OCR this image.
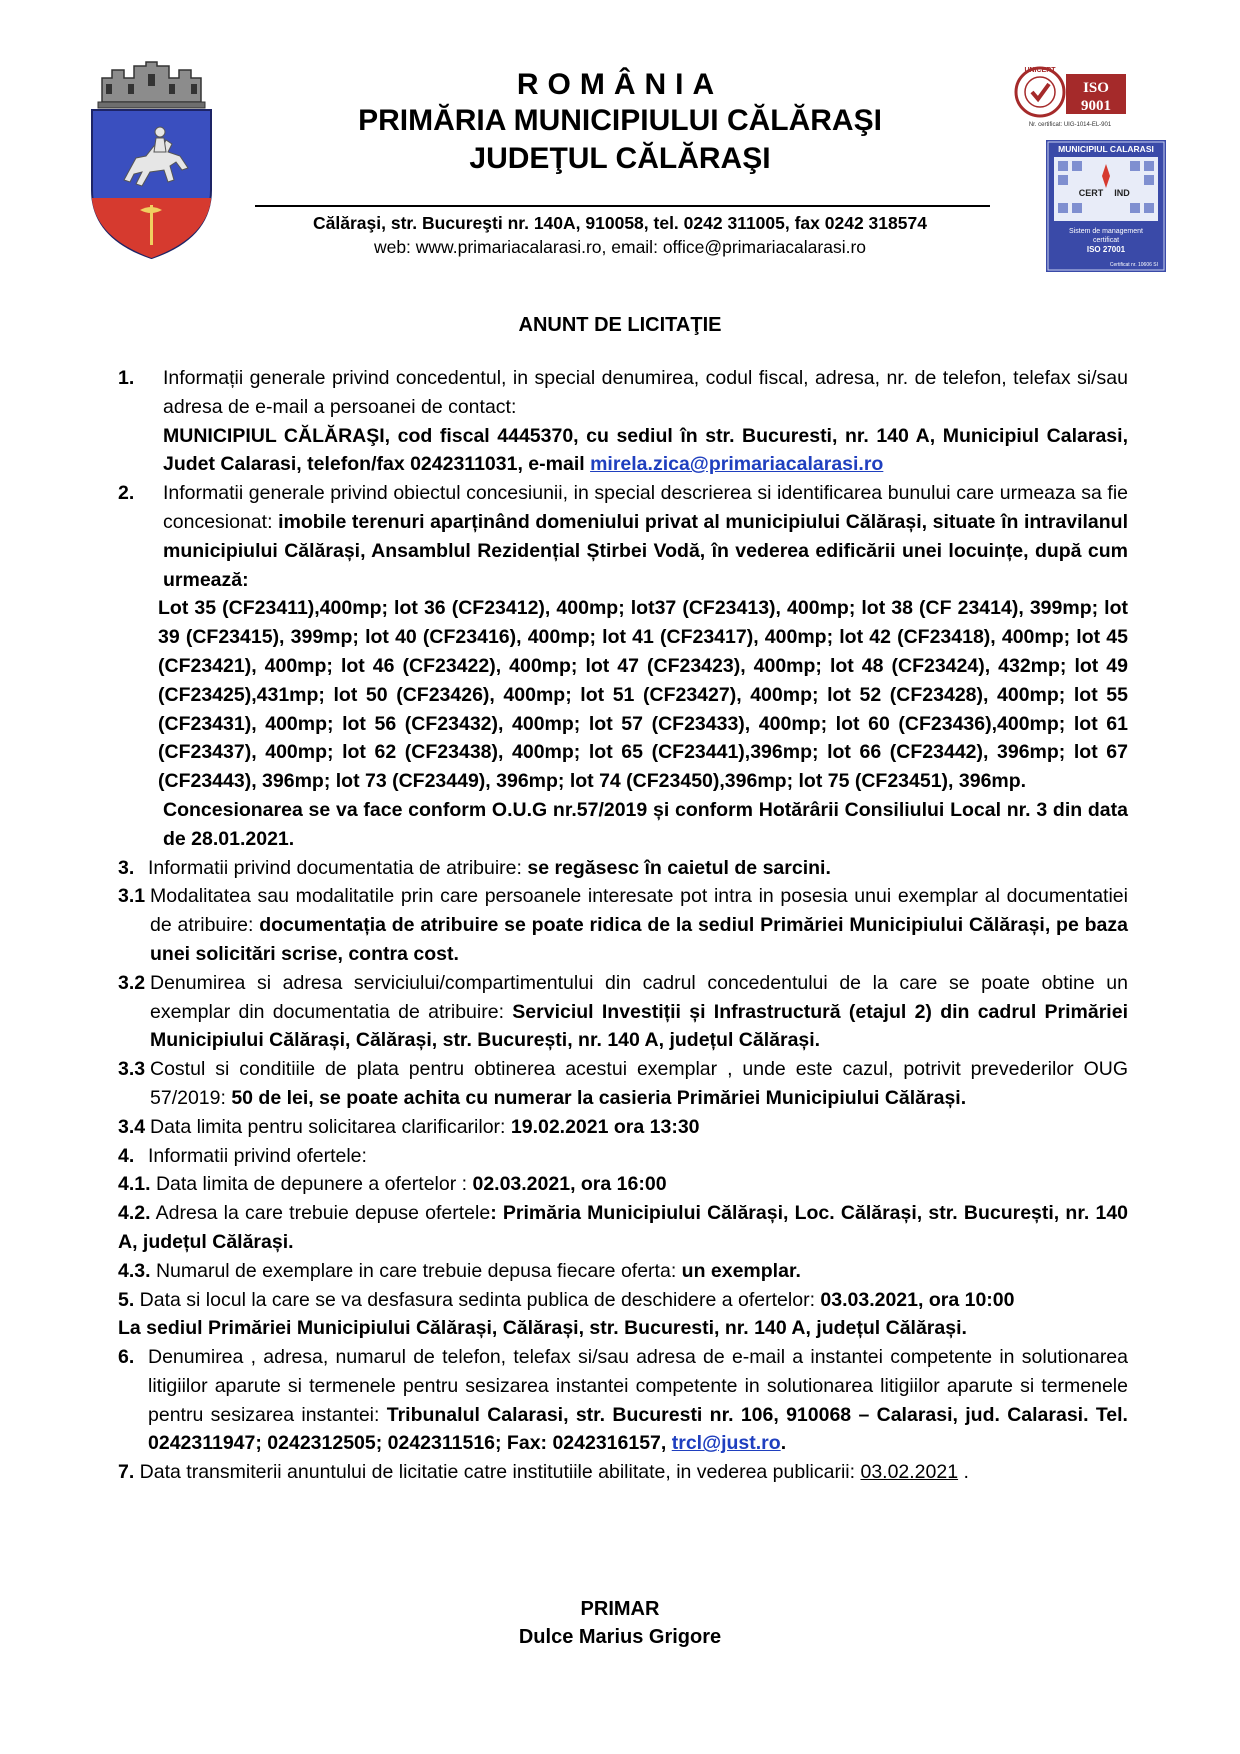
ROMÂNIA
PRIMĂRIA MUNICIPIULUI CĂLĂRAŞI
JUDEŢUL CĂLĂRAŞI
Călăraşi, str. Bucureşti nr. 140A, 910058, tel. 0242 311005, fax 0242 318574
web: www.primariacalarasi.ro, email: office@primariacalarasi.ro
UNICERT
ISO
9001
Nr. certificat: UIG-1014-EL-901
MUNICIPIUL CALARASI
CERT IND
Sistem de management
certificat
ISO 27001
Certificat nr. 10606 SI
ANUNT DE LICITAŢIE
1. Informații generale privind concedentul, in special denumirea, codul fiscal, adresa, nr. de telefon, telefax si/sau adresa de e-mail a persoanei de contact:
MUNICIPIUL CĂLĂRAŞI, cod fiscal 4445370, cu sediul în str. Bucuresti, nr. 140 A, Municipiul Calarasi, Judet Calarasi, telefon/fax 0242311031, e-mail mirela.zica@primariacalarasi.ro
2. Informatii generale privind obiectul concesiunii, in special descrierea si identificarea bunului care urmeaza sa fie concesionat: imobile terenuri aparținând domeniului privat al municipiului Călărași, situate în intravilanul municipiului Călărași, Ansamblul Rezidențial Știrbei Vodă, în vederea edificării unei locuințe, după cum urmează:
Lot 35 (CF23411),400mp; lot 36 (CF23412), 400mp; lot37 (CF23413), 400mp; lot 38 (CF 23414), 399mp; lot 39 (CF23415), 399mp; lot 40 (CF23416), 400mp; lot 41 (CF23417), 400mp; lot 42 (CF23418), 400mp; lot 45 (CF23421), 400mp; lot 46 (CF23422), 400mp; lot 47 (CF23423), 400mp; lot 48 (CF23424), 432mp; lot 49 (CF23425),431mp; lot 50 (CF23426), 400mp; lot 51 (CF23427), 400mp; lot 52 (CF23428), 400mp; lot 55 (CF23431), 400mp; lot 56 (CF23432), 400mp; lot 57 (CF23433), 400mp; lot 60 (CF23436),400mp; lot 61 (CF23437), 400mp; lot 62 (CF23438), 400mp; lot 65 (CF23441),396mp; lot 66 (CF23442), 396mp; lot 67 (CF23443), 396mp; lot 73 (CF23449), 396mp; lot 74 (CF23450),396mp; lot 75 (CF23451), 396mp.
Concesionarea se va face conform O.U.G nr.57/2019 și conform Hotărârii Consiliului Local nr. 3 din data de 28.01.2021.
3. Informatii privind documentatia de atribuire: se regăsesc în caietul de sarcini.
3.1 Modalitatea sau modalitatile prin care persoanele interesate pot intra in posesia unui exemplar al documentatiei de atribuire: documentația de atribuire se poate ridica de la sediul Primăriei Municipiului Călărași, pe baza unei solicitări scrise, contra cost.
3.2 Denumirea si adresa serviciului/compartimentului din cadrul concedentului de la care se poate obtine un exemplar din documentatia de atribuire: Serviciul Investiții și Infrastructură (etajul 2) din cadrul Primăriei Municipiului Călărași, Călărași, str. București, nr. 140 A, județul Călărași.
3.3 Costul si conditiile de plata pentru obtinerea acestui exemplar , unde este cazul, potrivit prevederilor OUG 57/2019: 50 de lei, se poate achita cu numerar la casieria Primăriei Municipiului Călărași.
3.4 Data limita pentru solicitarea clarificarilor: 19.02.2021 ora 13:30
4. Informatii privind ofertele:
4.1. Data limita de depunere a ofertelor : 02.03.2021, ora 16:00
4.2. Adresa la care trebuie depuse ofertele: Primăria Municipiului Călărași, Loc. Călărași, str. București, nr. 140 A, județul Călărași.
4.3. Numarul de exemplare in care trebuie depusa fiecare oferta: un exemplar.
5. Data si locul la care se va desfasura sedinta publica de deschidere a ofertelor: 03.03.2021, ora 10:00
La sediul Primăriei Municipiului Călărași, Călărași, str. Bucuresti, nr. 140 A, județul Călărași.
6. Denumirea , adresa, numarul de telefon, telefax si/sau adresa de e-mail a instantei competente in solutionarea litigiilor aparute si termenele pentru sesizarea instantei competente in solutionarea litigiilor aparute si termenele pentru sesizarea instantei: Tribunalul Calarasi, str. Bucuresti nr. 106, 910068 – Calarasi, jud. Calarasi. Tel. 0242311947; 0242312505; 0242311516; Fax: 0242316157, trcl@just.ro.
7. Data transmiterii anuntului de licitatie catre institutiile abilitate, in vederea publicarii: 03.02.2021 .
PRIMAR
Dulce Marius Grigore
